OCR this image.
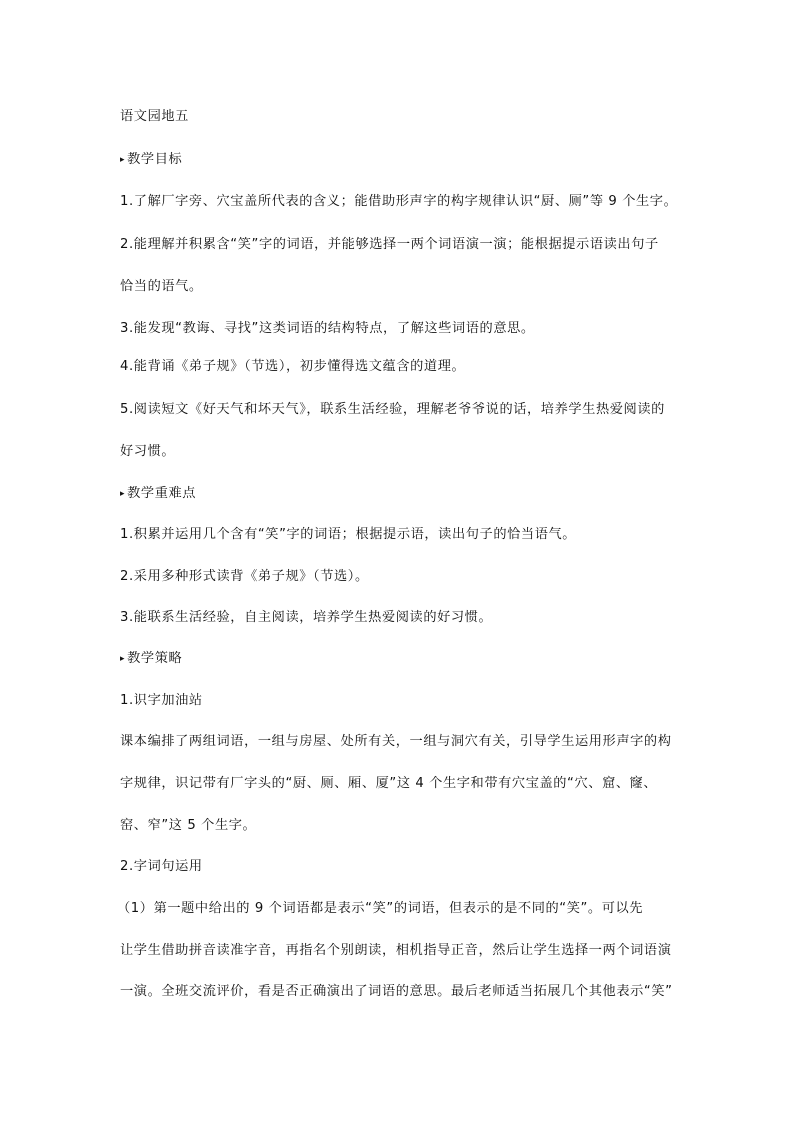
语文园地五
▸ 教学目标
1.了解厂字旁、穴宝盖所代表的含义；能借助形声字的构字规律认识“厨、厕”等 9 个生字。
2.能理解并积累含“笑”字的词语，并能够选择一两个词语演一演；能根据提示语读出句子
恰当的语气。
3.能发现“教诲、寻找”这类词语的结构特点，了解这些词语的意思。
4.能背诵《弟子规》（节选），初步懂得选文蕴含的道理。
5.阅读短文《好天气和坏天气》，联系生活经验，理解老爷爷说的话，培养学生热爱阅读的
好习惯。
▸ 教学重难点
1.积累并运用几个含有“笑”字的词语；根据提示语，读出句子的恰当语气。
2.采用多种形式读背《弟子规》（节选）。
3.能联系生活经验，自主阅读，培养学生热爱阅读的好习惯。
▸ 教学策略
1.识字加油站
课本编排了两组词语，一组与房屋、处所有关，一组与洞穴有关，引导学生运用形声字的构
字规律，识记带有厂字头的“厨、厕、厢、厦”这 4 个生字和带有穴宝盖的“穴、窟、窿、
窑、窄”这 5 个生字。
2.字词句运用
（1）第一题中给出的 9 个词语都是表示“笑”的词语，但表示的是不同的“笑”。可以先
让学生借助拼音读准字音，再指名个别朗读，相机指导正音，然后让学生选择一两个词语演
一演。全班交流评价，看是否正确演出了词语的意思。最后老师适当拓展几个其他表示“笑”
